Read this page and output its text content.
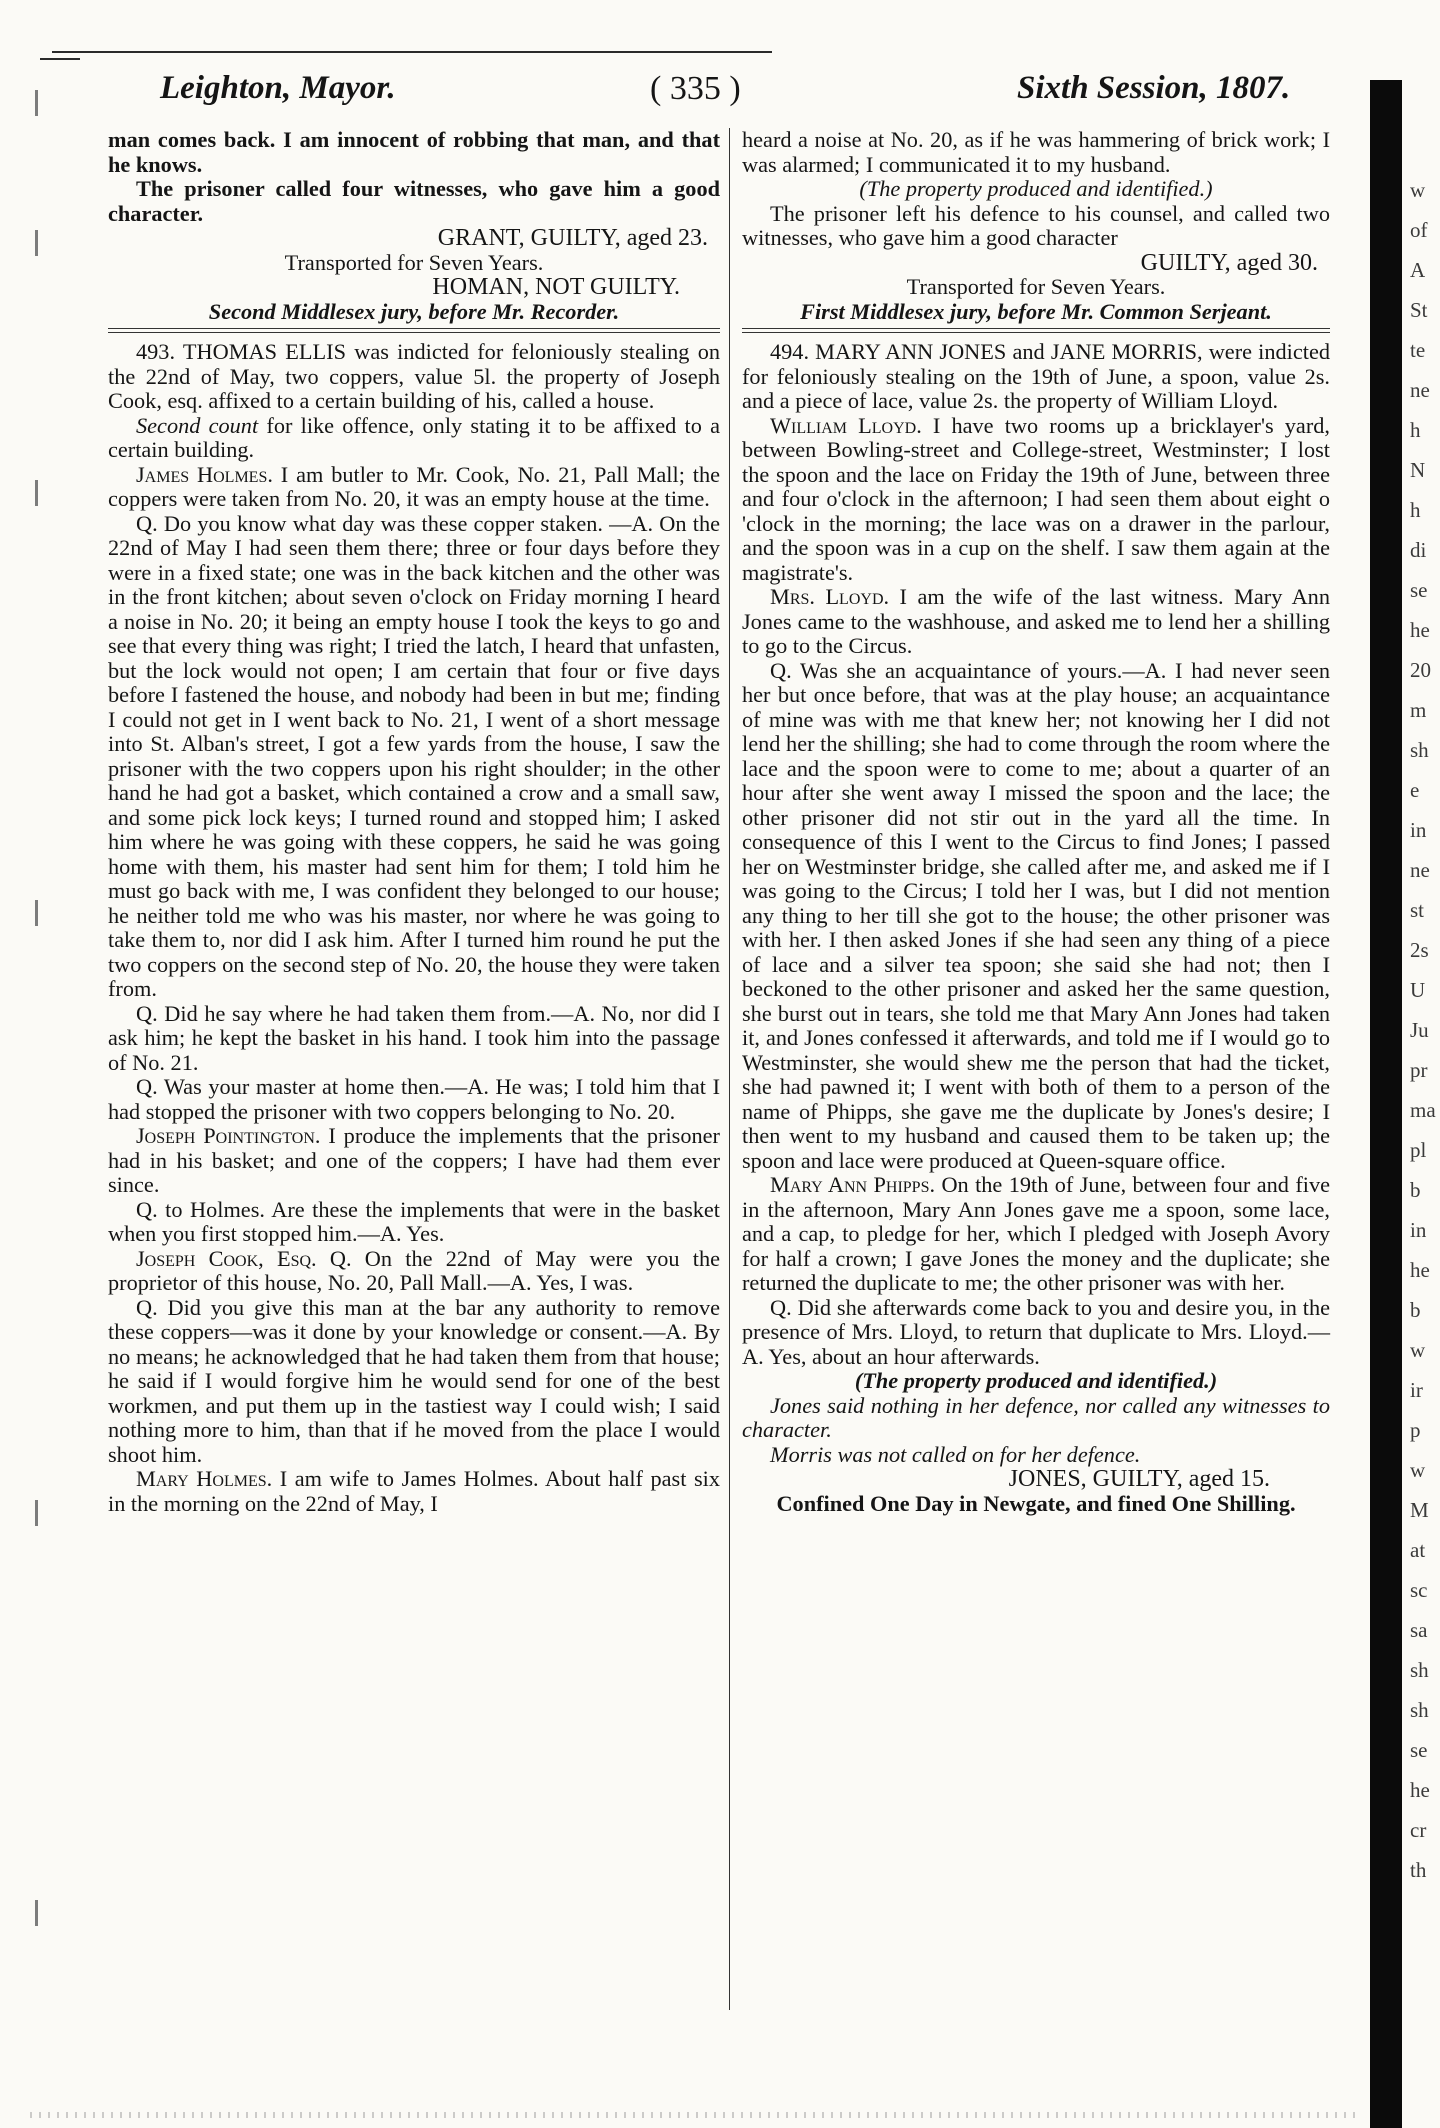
Leighton, Mayor.	( 335 )	Sixth Session, 1807.

man comes back. I am innocent of robbing that man, and that he knows.

The prisoner called four witnesses, who gave him a good character.

GRANT, GUILTY, aged 23.

Transported for Seven Years.

HOMAN, NOT GUILTY.

Second Middlesex jury, before Mr. Recorder.

493. THOMAS ELLIS was indicted for feloniously stealing on the 22nd of May, two coppers, value 5l. the property of Joseph Cook, esq. affixed to a certain building of his, called a house.

Second count for like offence, only stating it to be affixed to a certain building.

James Holmes. I am butler to Mr. Cook, No. 21, Pall Mall; the coppers were taken from No. 20, it was an empty house at the time.

Q. Do you know what day was these copper staken. —A. On the 22nd of May I had seen them there; three or four days before they were in a fixed state; one was in the back kitchen and the other was in the front kitchen; about seven o'clock on Friday morning I heard a noise in No. 20; it being an empty house I took the keys to go and see that every thing was right; I tried the latch, I heard that unfasten, but the lock would not open; I am certain that four or five days before I fastened the house, and nobody had been in but me; finding I could not get in I went back to No. 21, I went of a short message into St. Alban's street, I got a few yards from the house, I saw the prisoner with the two coppers upon his right shoulder; in the other hand he had got a basket, which contained a crow and a small saw, and some pick lock keys; I turned round and stopped him; I asked him where he was going with these coppers, he said he was going home with them, his master had sent him for them; I told him he must go back with me, I was confident they belonged to our house; he neither told me who was his master, nor where he was going to take them to, nor did I ask him. After I turned him round he put the two coppers on the second step of No. 20, the house they were taken from.

Q. Did he say where he had taken them from.—A. No, nor did I ask him; he kept the basket in his hand. I took him into the passage of No. 21.

Q. Was your master at home then.—A. He was; I told him that I had stopped the prisoner with two coppers belonging to No. 20.

Joseph Pointington. I produce the implements that the prisoner had in his basket; and one of the coppers; I have had them ever since.

Q. to Holmes. Are these the implements that were in the basket when you first stopped him.—A. Yes.

Joseph Cook, Esq. Q. On the 22nd of May were you the proprietor of this house, No. 20, Pall Mall.—A. Yes, I was.

Q. Did you give this man at the bar any authority to remove these coppers—was it done by your knowledge or consent.—A. By no means; he acknowledged that he had taken them from that house; he said if I would forgive him he would send for one of the best workmen, and put them up in the tastiest way I could wish; I said nothing more to him, than that if he moved from the place I would shoot him.

Mary Holmes. I am wife to James Holmes. About half past six in the morning on the 22nd of May, I

heard a noise at No. 20, as if he was hammering of brick work; I was alarmed; I communicated it to my husband.

(The property produced and identified.)

The prisoner left his defence to his counsel, and called two witnesses, who gave him a good character

GUILTY, aged 30.

Transported for Seven Years.

First Middlesex jury, before Mr. Common Serjeant.

494. MARY ANN JONES and JANE MORRIS, were indicted for feloniously stealing on the 19th of June, a spoon, value 2s. and a piece of lace, value 2s. the property of William Lloyd.

William Lloyd. I have two rooms up a bricklayer's yard, between Bowling-street and College-street, Westminster; I lost the spoon and the lace on Friday the 19th of June, between three and four o'clock in the afternoon; I had seen them about eight o 'clock in the morning; the lace was on a drawer in the parlour, and the spoon was in a cup on the shelf. I saw them again at the magistrate's.

Mrs. Lloyd. I am the wife of the last witness. Mary Ann Jones came to the washhouse, and asked me to lend her a shilling to go to the Circus.

Q. Was she an acquaintance of yours.—A. I had never seen her but once before, that was at the play house; an acquaintance of mine was with me that knew her; not knowing her I did not lend her the shilling; she had to come through the room where the lace and the spoon were to come to me; about a quarter of an hour after she went away I missed the spoon and the lace; the other prisoner did not stir out in the yard all the time. In consequence of this I went to the Circus to find Jones; I passed her on Westminster bridge, she called after me, and asked me if I was going to the Circus; I told her I was, but I did not mention any thing to her till she got to the house; the other prisoner was with her. I then asked Jones if she had seen any thing of a piece of lace and a silver tea spoon; she said she had not; then I beckoned to the other prisoner and asked her the same question, she burst out in tears, she told me that Mary Ann Jones had taken it, and Jones confessed it afterwards, and told me if I would go to Westminster, she would shew me the person that had the ticket, she had pawned it; I went with both of them to a person of the name of Phipps, she gave me the duplicate by Jones's desire; I then went to my husband and caused them to be taken up; the spoon and lace were produced at Queen-square office.

Mary Ann Phipps. On the 19th of June, between four and five in the afternoon, Mary Ann Jones gave me a spoon, some lace, and a cap, to pledge for her, which I pledged with Joseph Avory for half a crown; I gave Jones the money and the duplicate; she returned the duplicate to me; the other prisoner was with her.

Q. Did she afterwards come back to you and desire you, in the presence of Mrs. Lloyd, to return that duplicate to Mrs. Lloyd.—A. Yes, about an hour afterwards.

(The property produced and identified.)

Jones said nothing in her defence, nor called any witnesses to character.

Morris was not called on for her defence.

JONES, GUILTY, aged 15.

Confined One Day in Newgate, and fined One Shilling.

w
of
A
St
te
ne
h
N
h
di
se
he
20
m
sh
e
in
ne
st
2s
U
Ju
pr
ma
pl
b
in
he
b
w
ir
p
w
M
at
sc
sa
sh
sh
se
he
cr
th
